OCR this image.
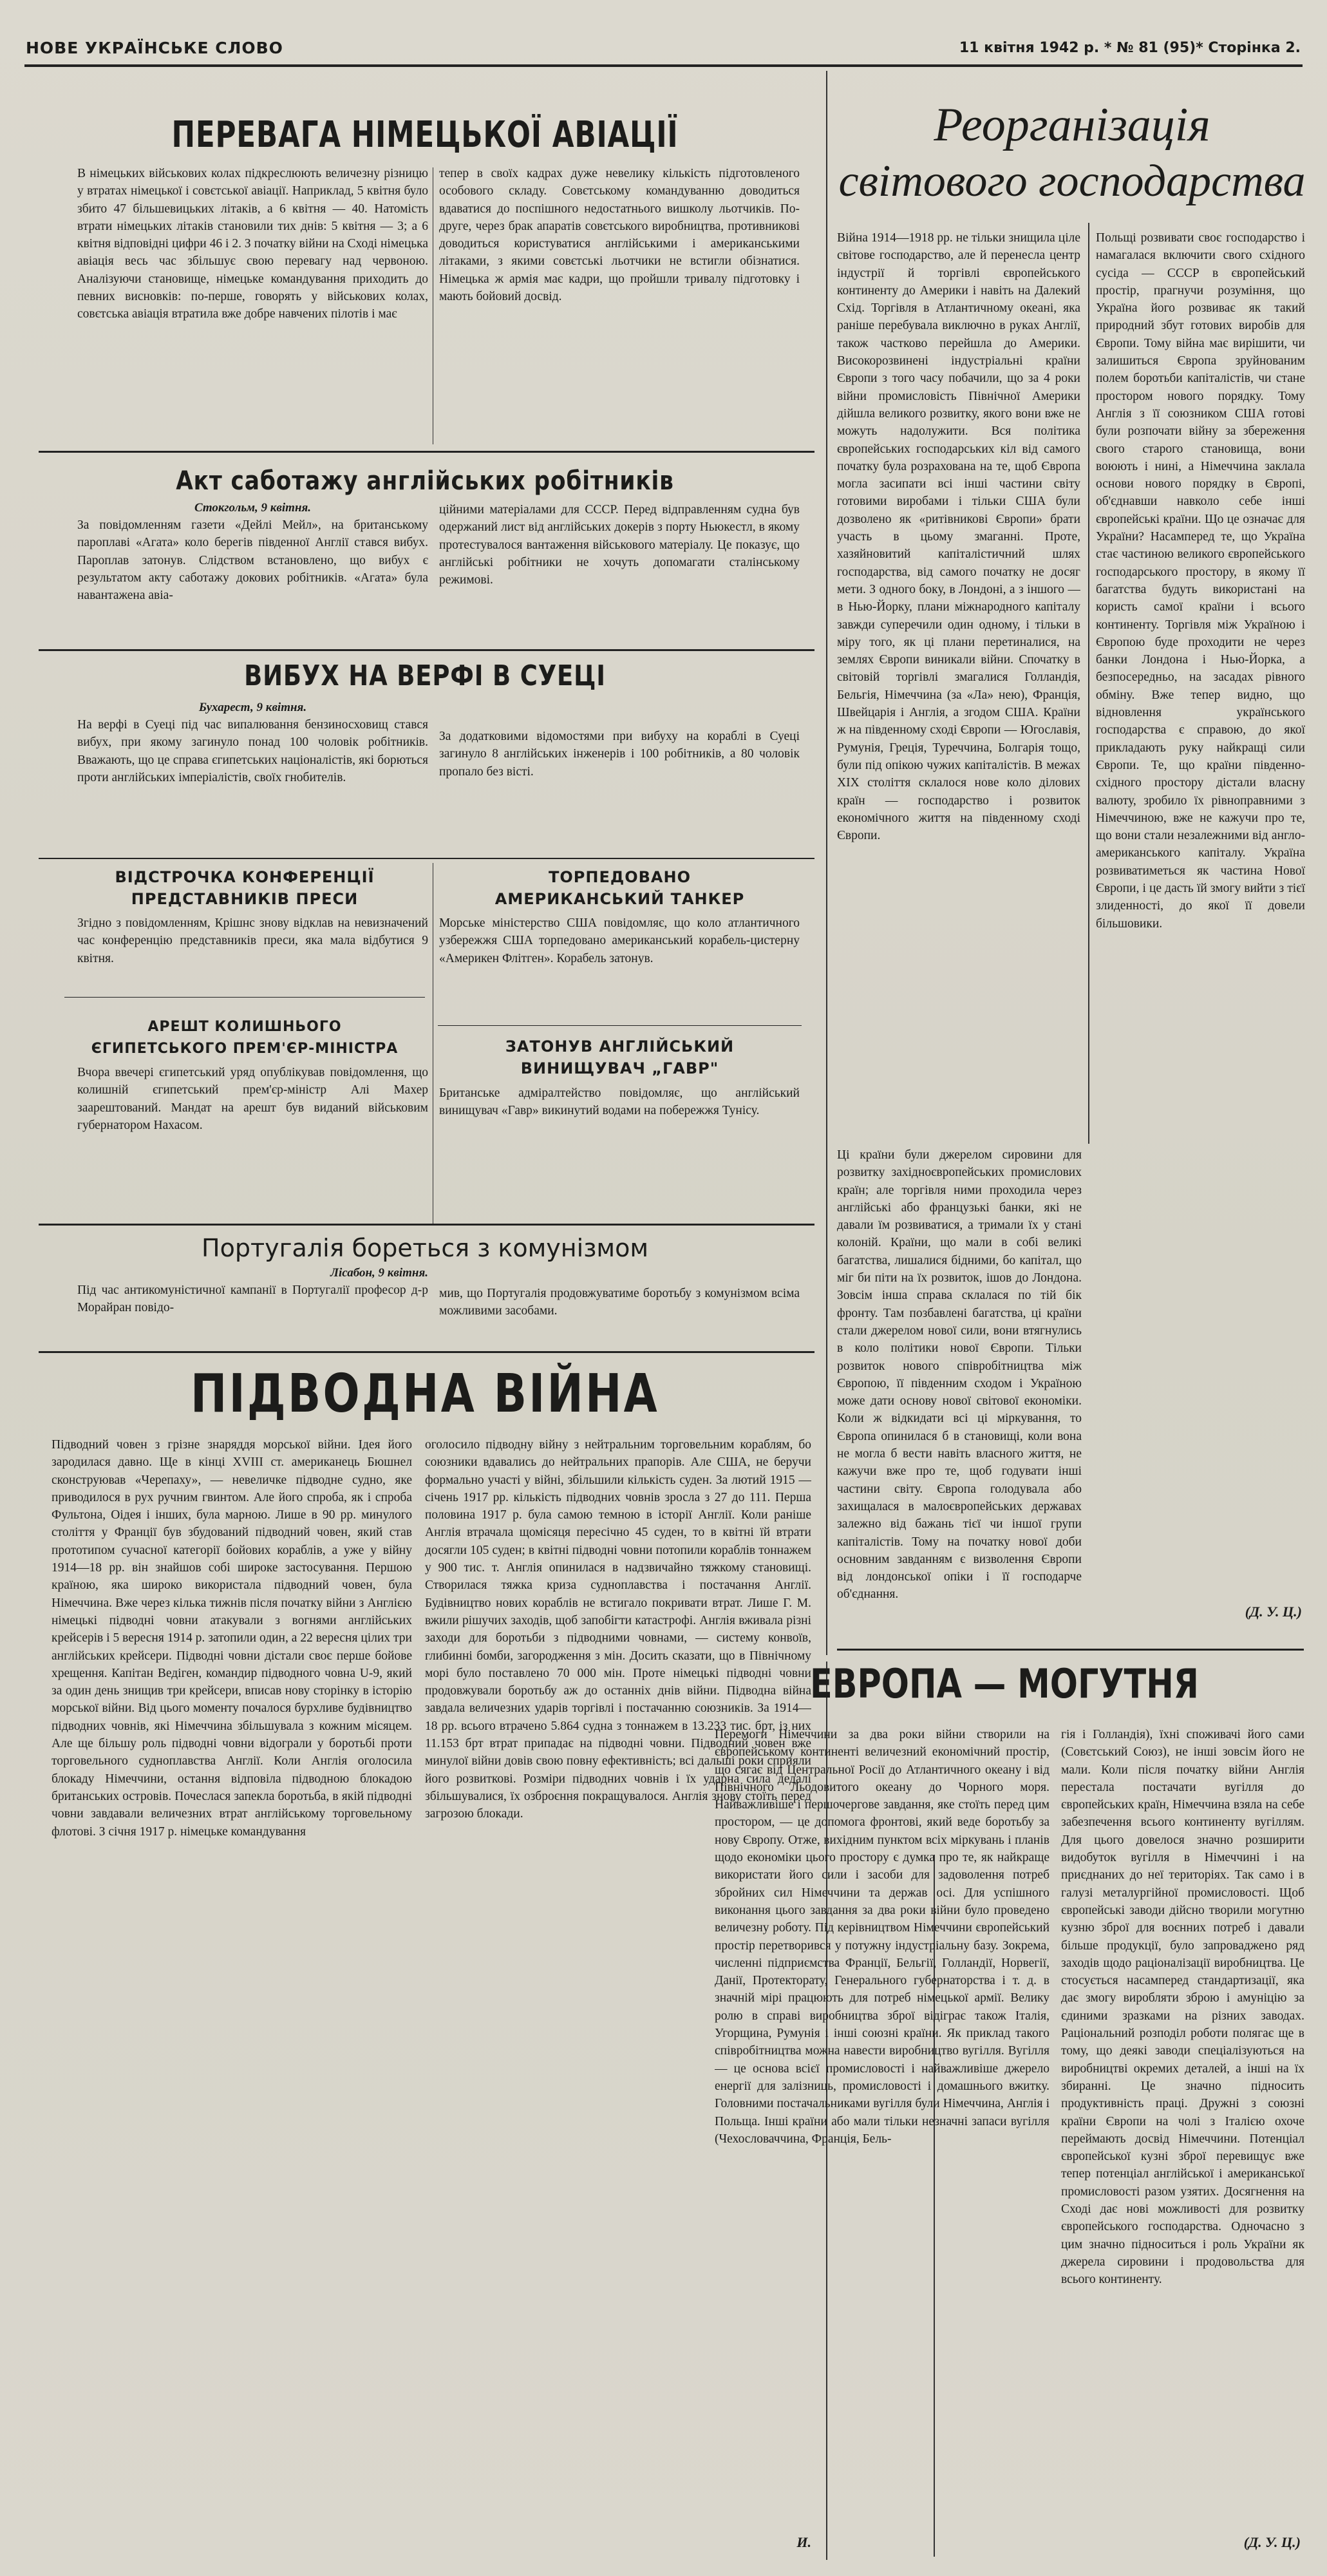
НОВЕ УКРАЇНСЬКЕ СЛОВО	11 квітня 1942 р. * № 81 (95)* Сторінка 2.
ПЕРЕВАГА НІМЕЦЬКОЇ АВІАЦІЇ
В німецьких військових колах підкреслюють величезну різницю у втратах німецької і совєтської авіації. Наприклад, 5 квітня було збито 47 більшевицьких літаків, а 6 квітня — 40. Натомість втрати німецьких літаків становили тих днів: 5 квітня — 3; а 6 квітня відповідні цифри 46 і 2. З початку війни на Сході німецька авіація весь час збільшує свою перевагу над червоною. Аналізуючи становище, німецьке командування приходить до певних висновків: по-перше, говорять у військових колах, совєтська авіація втратила вже добре навчених пілотів і має
тепер в своїх кадрах дуже невелику кількість підготовленого особового складу. Совєтському командуванню доводиться вдаватися до поспішного недостатнього вишколу льотчиків. По-друге, через брак апаратів совєтського виробництва, противникові доводиться користуватися англійськими і американськими літаками, з якими совєтські льотчики не встигли обізнатися. Німецька ж армія має кадри, що пройшли тривалу підготовку і мають бойовий досвід.
Реорганізація
світового господарства
Війна 1914—1918 рр. не тільки знищила ціле світове господарство, але й перенесла центр індустрії й торгівлі європейського континенту до Америки і навіть на Далекий Схід. Торгівля в Атлантичному океані, яка раніше перебувала виключно в руках Англії, також частково перейшла до Америки. Високорозвинені індустріальні країни Європи з того часу побачили, що за 4 роки війни промисловість Північної Америки дійшла великого розвитку, якого вони вже не можуть надолужити. Вся політика європейських господарських кіл від самого початку була розрахована на те, щоб Європа могла засипати всі інші частини світу готовими виробами і тільки США були дозволено як «ритівникові Європи» брати участь в цьому змаганні. Проте, хазяйновитий капіталістичний шлях господарства, від самого початку не досяг мети. З одного боку, в Лондоні, а з іншого — в Нью-Йорку, плани міжнародного капіталу завжди суперечили один одному, і тільки в міру того, як ці плани перетиналися, на землях Європи виникали війни. Спочатку в світовій торгівлі змагалися Голландія, Бельгія, Німеччина (за «Ла» нею), Франція, Швейцарія і Англія, а згодом США. Країни ж на південному сході Європи — Югославія, Румунія, Греція, Туреччина, Болгарія тощо, були під опікою чужих капіталістів. В межах XIX століття склалося нове коло ділових країн — господарство і розвиток економічного життя на південному сході Європи.
Ці країни були джерелом сировини для розвитку західноєвропейських промислових країн; але торгівля ними проходила через англійські або французькі банки, які не давали їм розвиватися, а тримали їх у стані колоній. Країни, що мали в собі великі багатства, лишалися бідними, бо капітал, що міг би піти на їх розвиток, ішов до Лондона. Зовсім інша справа склалася по тій бік фронту. Там позбавлені багатства, ці країни стали джерелом нової сили, вони втягнулись в коло політики нової Європи. Тільки розвиток нового співробітництва між Європою, її південним сходом і Україною може дати основу нової світової економіки. Коли ж відкидати всі ці міркування, то Європа опинилася б в становищі, коли вона не могла б вести навіть власного життя, не кажучи вже про те, щоб годувати інші частини світу. Європа голодувала або захищалася в малоєвропейських державах залежно від бажань тієї чи іншої групи капіталістів. Тому на початку нової доби основним завданням є визволення Європи від лондонської опіки і її господарче об'єднання.
Польщі розвивати своє господарство і намагалася включити свого східного сусіда — СССР в європейський простір, прагнучи розуміння, що Україна його розвиває як такий природний збут готових виробів для Європи. Тому війна має вирішити, чи залишиться Європа зруйнованим полем боротьби капіталістів, чи стане простором нового порядку. Тому Англія з її союзником США готові були розпочати війну за збереження свого старого становища, вони воюють і нині, а Німеччина заклала основи нового порядку в Європі, об'єднавши навколо себе інші європейські країни. Що це означає для України? Насамперед те, що Україна стає частиною великого європейського господарського простору, в якому її багатства будуть використані на користь самої країни і всього континенту. Торгівля між Україною і Європою буде проходити не через банки Лондона і Нью-Йорка, а безпосередньо, на засадах рівного обміну. Вже тепер видно, що відновлення українського господарства є справою, до якої прикладають руку найкращі сили Європи. Те, що країни південно-східного простору дістали власну валюту, зробило їх рівноправними з Німеччиною, вже не кажучи про те, що вони стали незалежними від англо-американського капіталу. Україна розвиватиметься як частина Нової Європи, і це дасть їй змогу вийти з тієї злиденності, до якої її довели більшовики.
(Д. У. Ц.)
Акт саботажу англійських робітників
Стокгольм, 9 квітня.
За повідомленням газети «Дейлі Мейл», на британському пароплаві «Агата» коло берегів південної Англії стався вибух. Пароплав затонув. Слідством встановлено, що вибух є результатом акту саботажу докових робітників. «Агата» була навантажена авіа-
ційними матеріалами для СССР. Перед відправленням судна був одержаний лист від англійських докерів з порту Ньюкестл, в якому протестувалося вантаження військового матеріалу. Це показує, що англійські робітники не хочуть допомагати сталінському режимові.
ВИБУХ НА ВЕРФІ В СУЕЦІ
Бухарест, 9 квітня.
На верфі в Суеці під час випалювання бензиносховищ стався вибух, при якому загинуло понад 100 чоловік робітників. Вважають, що це справа єгипетських націоналістів, які борються проти англійських імперіалістів, своїх гнобителів.
За додатковими відомостями при вибуху на кораблі в Суеці загинуло 8 англійських інженерів і 100 робітників, а 80 чоловік пропало без вісті.
ВІДСТРОЧКА КОНФЕРЕНЦІЇ
ПРЕДСТАВНИКІВ ПРЕСИ
Згідно з повідомленням, Крішнс знову відклав на невизначений час конференцію представників преси, яка мала відбутися 9 квітня.
ТОРПЕДОВАНО
АМЕРИКАНСЬКИЙ ТАНКЕР
Морське міністерство США повідомляє, що коло атлантичного узбережжя США торпедовано американський корабель-цистерну «Америкен Флітген». Корабель затонув.
АРЕШТ КОЛИШНЬОГО
ЄГИПЕТСЬКОГО ПРЕМ'ЄР-МІНІСТРА
Вчора ввечері єгипетський уряд опублікував повідомлення, що колишній єгипетський прем'єр-міністр Алі Махер заарештований. Мандат на арешт був виданий військовим губернатором Нахасом.
ЗАТОНУВ АНГЛІЙСЬКИЙ
ВИНИЩУВАЧ „ГАВР"
Британське адміралтейство повідомляє, що англійський винищувач «Гавр» викинутий водами на побережжя Тунісу.
Португалія бореться з комунізмом
Лісабон, 9 квітня.
Під час антикомуністичної кампанії в Португалії професор д-р Морайран повідо-
мив, що Португалія продовжуватиме боротьбу з комунізмом всіма можливими засобами.
ПІДВОДНА ВІЙНА
Підводний човен з грізне знаряддя морської війни. Ідея його зародилася давно. Ще в кінці XVIII ст. американець Бюшнел сконструював «Черепаху», — невеличке підводне судно, яке приводилося в рух ручним гвинтом. Але його спроба, як і спроба Фультона, Оідея і інших, була марною. Лише в 90 рр. минулого століття у Франції був збудований підводний човен, який став прототипом сучасної категорії бойових кораблів, а уже у війну 1914—18 рр. він знайшов собі широке застосування. Першою країною, яка широко використала підводний човен, була Німеччина. Вже через кілька тижнів після початку війни з Англією німецькі підводні човни атакували з вогнями англійських крейсерів і 5 вересня 1914 р. затопили один, а 22 вересня цілих три англійських крейсери. Підводні човни дістали своє перше бойове хрещення. Капітан Ведіген, командир підводного човна U-9, який за один день знищив три крейсери, вписав нову сторінку в історію морської війни. Від цього моменту почалося бурхливе будівництво підводних човнів, які Німеччина збільшувала з кожним місяцем. Але ще більшу роль підводні човни відограли у боротьбі проти торговельного судноплавства Англії. Коли Англія оголосила блокаду Німеччини, остання відповіла підводною блокадою британських островів. Почеслася запекла боротьба, в якій підводні човни завдавали величезних втрат англійському торговельному флотові. З січня 1917 р. німецьке командування
оголосило підводну війну з нейтральним торговельним кораблям, бо союзники вдавались до нейтральних прапорів. Але США, не беручи формально участі у війні, збільшили кількість суден. За лютий 1915 — січень 1917 рр. кількість підводних човнів зросла з 27 до 111. Перша половина 1917 р. була самою темною в історії Англії. Коли раніше Англія втрачала щомісяця пересічно 45 суден, то в квітні їй втрати досягли 105 суден; в квітні підводні човни потопили кораблів тоннажем у 900 тис. т. Англія опинилася в надзвичайно тяжкому становищі. Створилася тяжка криза судноплавства і постачання Англії. Будівництво нових кораблів не встигало покривати втрат. Лише Г. М. вжили рішучих заходів, щоб запобігти катастрофі. Англія вживала різні заходи для боротьби з підводними човнами, — систему конвоїв, глибинні бомби, загородження з мін. Досить сказати, що в Північному морі було поставлено 70 000 мін. Проте німецькі підводні човни продовжували боротьбу аж до останніх днів війни. Підводна війна завдала величезних ударів торгівлі і постачанню союзників. За 1914—18 рр. всього втрачено 5.864 судна з тоннажем в 13.233 тис. брт, із них 11.153 брт втрат припадає на підводні човни. Підводний човен вже минулої війни довів свою повну ефективність; всі дальші роки сприяли його розвиткові. Розміри підводних човнів і їх ударна сила дедалі збільшувалися, їх озброєння покращувалося. Англія знову стоїть перед загрозою блокади.
И.
ЕВРОПА — МОГУТНЯ
Перемоги Німеччини за два роки війни створили на європейському континенті величезний економічний простір, що сягає від Центральної Росії до Атлантичного океану і від Північного Льодовитого океану до Чорного моря. Найважливіше і першочергове завдання, яке стоїть перед цим простором, — це допомога фронтові, який веде боротьбу за нову Європу. Отже, вихідним пунктом всіх міркувань і планів щодо економіки цього простору є думка про те, як найкраще використати його сили і засоби для задоволення потреб збройних сил Німеччини та держав осі. Для успішного виконання цього завдання за два роки війни було проведено величезну роботу. Під керівництвом Німеччини європейський простір перетворився у потужну індустріальну базу. Зокрема, численні підприємства Франції, Бельгії, Голландії, Норвегії, Данії, Протекторату, Генерального губернаторства і т. д. в значній мірі працюють для потреб німецької армії. Велику ролю в справі виробництва зброї відіграє також Італія, Угорщина, Румунія і інші союзні країни. Як приклад такого співробітництва можна навести виробництво вугілля. Вугілля — це основа всієї промисловості і найважливіше джерело енергії для залізниць, промисловості і домашнього вжитку. Головними постачальниками вугілля були Німеччина, Англія і Польща. Інші країни або мали тільки незначні запаси вугілля (Чехословаччина, Франція, Бель-
гія і Голландія), їхні споживачі його сами (Совєтський Союз), не інші зовсім його не мали. Коли після початку війни Англія перестала постачати вугілля до європейських країн, Німеччина взяла на себе забезпечення всього континенту вугіллям. Для цього довелося значно розширити видобуток вугілля в Німеччині і на приєднаних до неї територіях. Так само і в галузі металургійної промисловості. Щоб європейські заводи дійсно творили могутню кузню зброї для воєнних потреб і давали більше продукції, було запроваджено ряд заходів щодо раціоналізації виробництва. Це стосується насамперед стандартизації, яка дає змогу виробляти зброю і амуніцію за єдиними зразками на різних заводах. Раціональний розподіл роботи полягає ще в тому, що деякі заводи спеціалізуються на виробництві окремих деталей, а інші на їх збиранні. Це значно підносить продуктивність праці. Дружні з союзні країни Європи на чолі з Італією охоче переймають досвід Німеччини. Потенціал європейської кузні зброї перевищує вже тепер потенціал англійської і американської промисловості разом узятих. Досягнення на Сході дає нові можливості для розвитку європейського господарства. Одночасно з цим значно підноситься і роль України як джерела сировини і продовольства для всього континенту.
(Д. У. Ц.)
